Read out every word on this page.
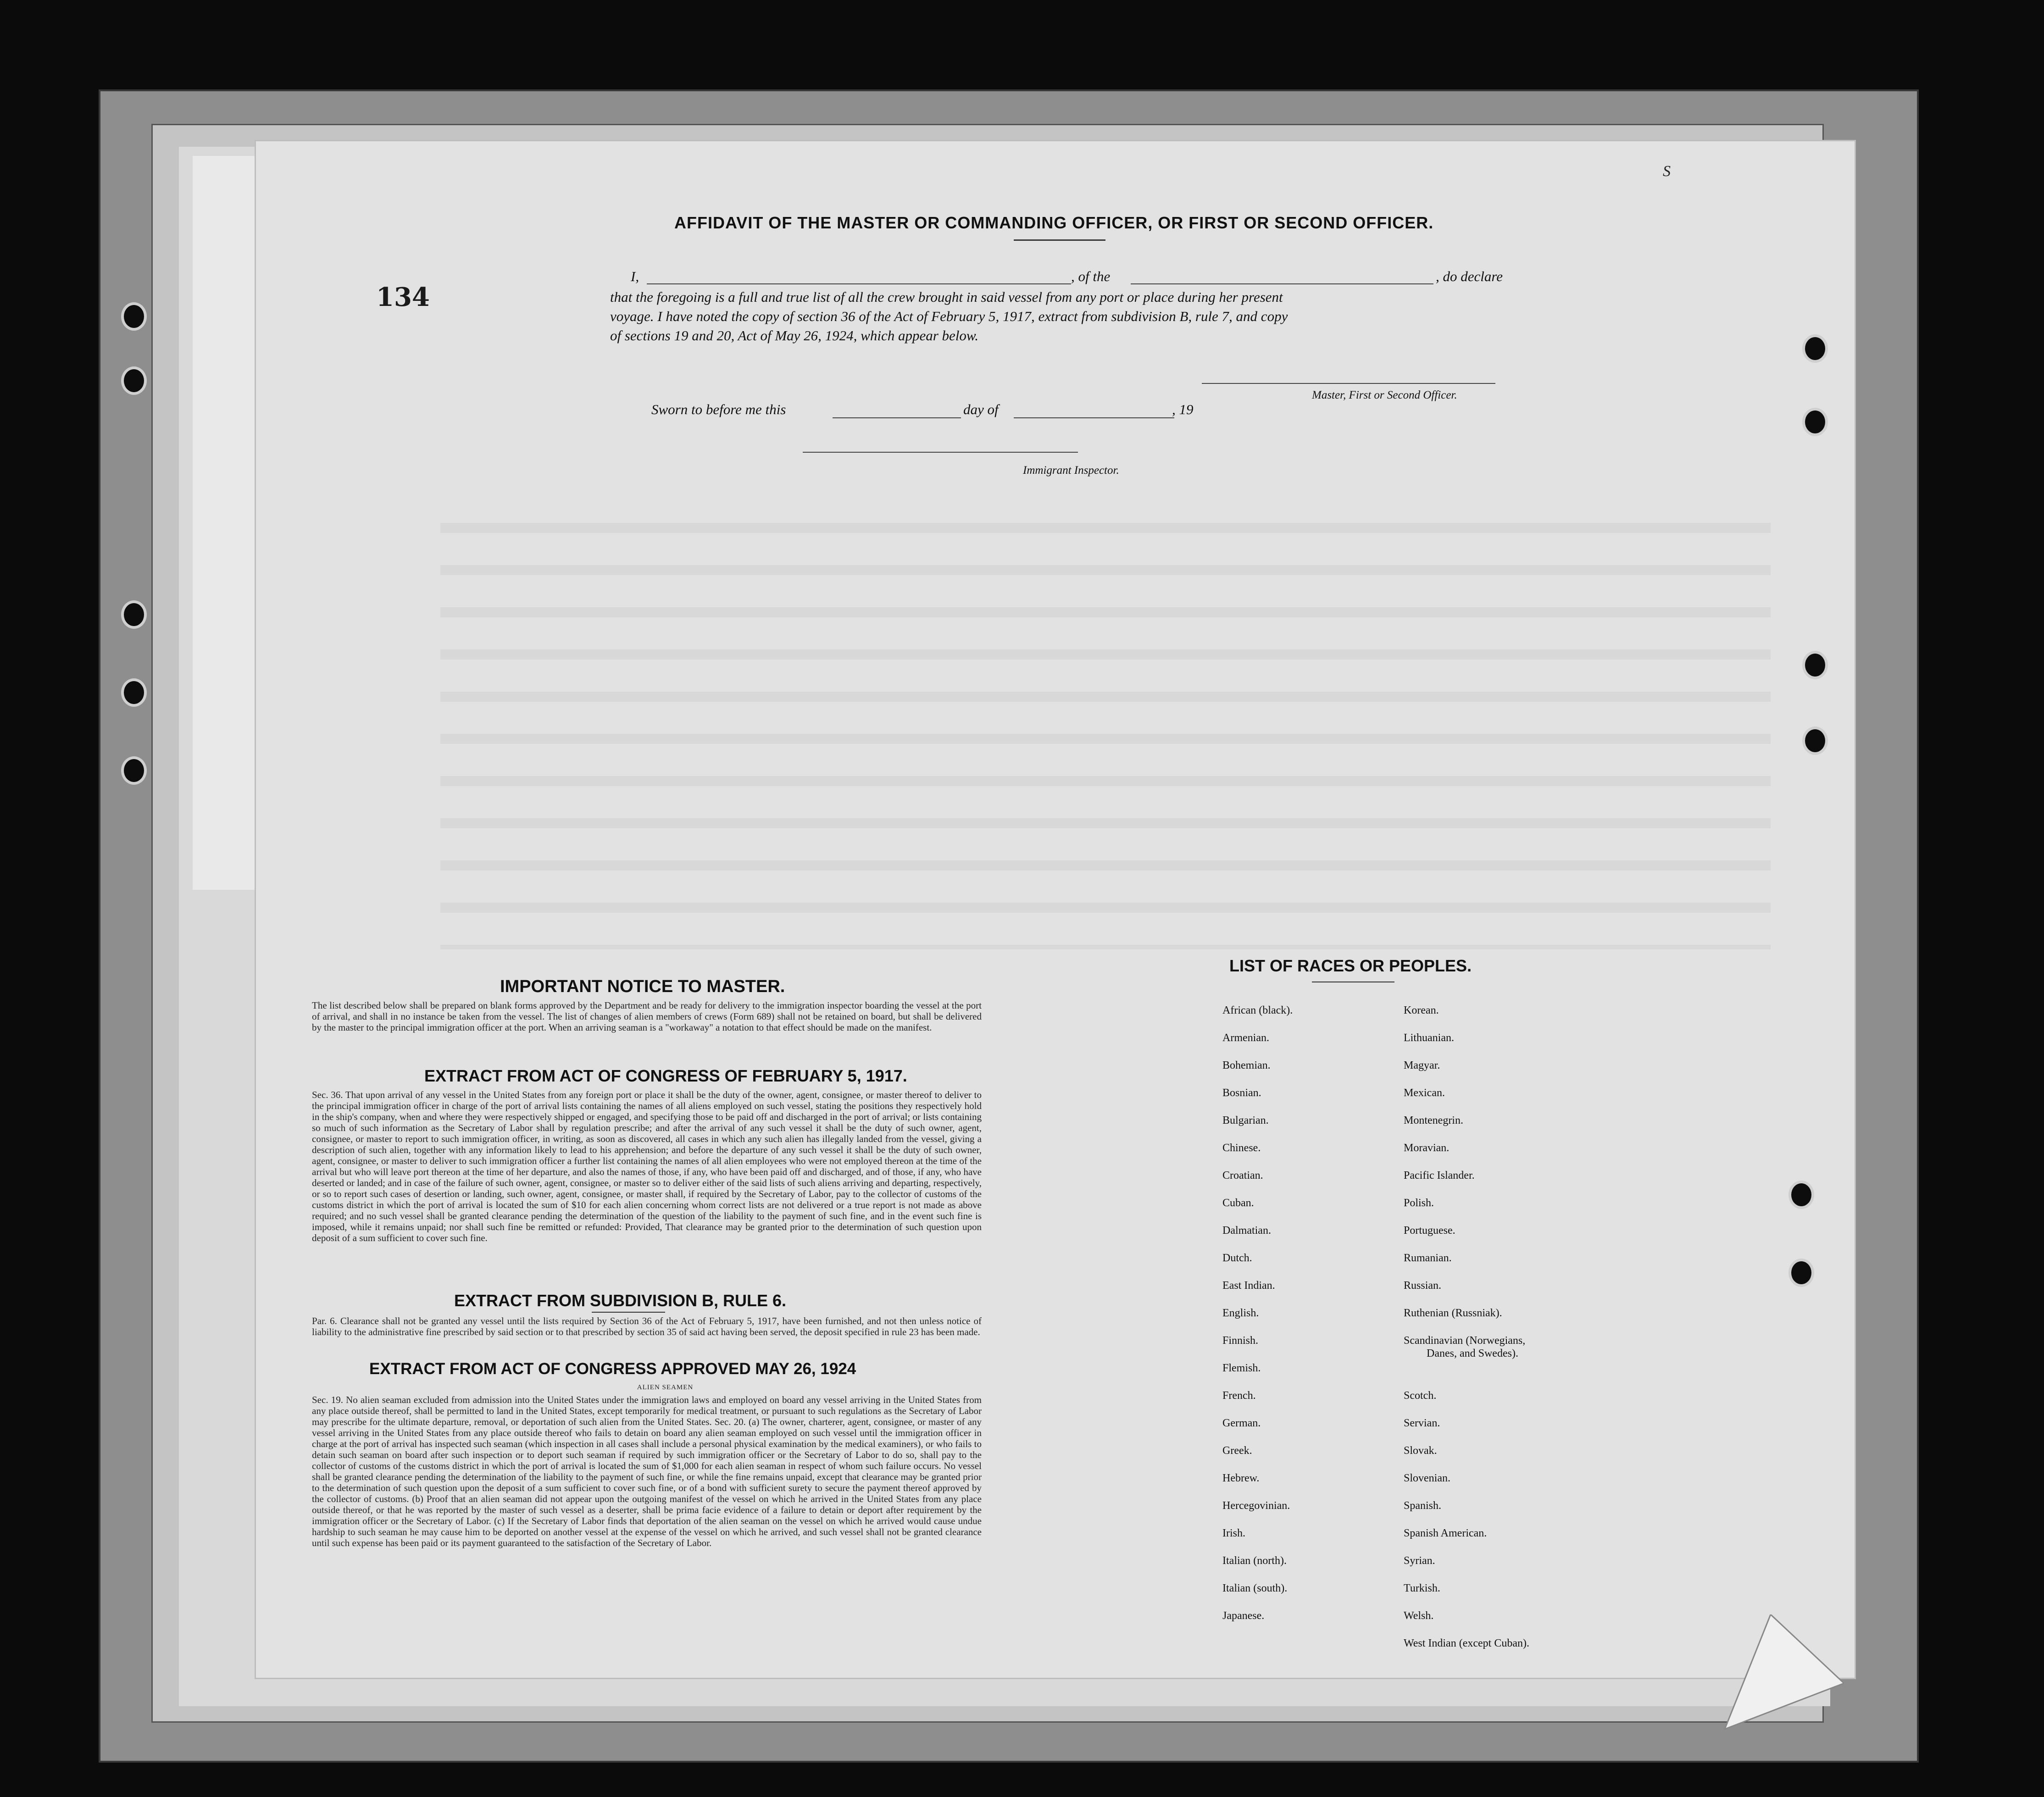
S
AFFIDAVIT OF THE MASTER OR COMMANDING OFFICER, OR FIRST OR SECOND OFFICER.
134
I,	, of the	, do declare
that the foregoing is a full and true list of all the crew brought in said vessel from any port or place during her present
voyage. I have noted the copy of section 36 of the Act of February 5, 1917, extract from subdivision B, rule 7, and copy
of sections 19 and 20, Act of May 26, 1924, which appear below.
Master, First or Second Officer.
Sworn to before me this	day of	, 19
Immigrant Inspector.
IMPORTANT NOTICE TO MASTER.
The list described below shall be prepared on blank forms approved by the Department and be ready for delivery to the immigration inspector boarding the vessel at the port of arrival, and shall in no instance be taken from the vessel. The list of changes of alien members of crews (Form 689) shall not be retained on board, but shall be delivered by the master to the principal immigration officer at the port. When an arriving seaman is a "workaway" a notation to that effect should be made on the manifest.
EXTRACT FROM ACT OF CONGRESS OF FEBRUARY 5, 1917.
Sec. 36. That upon arrival of any vessel in the United States from any foreign port or place it shall be the duty of the owner, agent, consignee, or master thereof to deliver to the principal immigration officer in charge of the port of arrival lists containing the names of all aliens employed on such vessel, stating the positions they respectively hold in the ship's company, when and where they were respectively shipped or engaged, and specifying those to be paid off and discharged in the port of arrival; or lists containing so much of such information as the Secretary of Labor shall by regulation prescribe; and after the arrival of any such vessel it shall be the duty of such owner, agent, consignee, or master to report to such immigration officer, in writing, as soon as discovered, all cases in which any such alien has illegally landed from the vessel, giving a description of such alien, together with any information likely to lead to his apprehension; and before the departure of any such vessel it shall be the duty of such owner, agent, consignee, or master to deliver to such immigration officer a further list containing the names of all alien employees who were not employed thereon at the time of the arrival but who will leave port thereon at the time of her departure, and also the names of those, if any, who have been paid off and discharged, and of those, if any, who have deserted or landed; and in case of the failure of such owner, agent, consignee, or master so to deliver either of the said lists of such aliens arriving and departing, respectively, or so to report such cases of desertion or landing, such owner, agent, consignee, or master shall, if required by the Secretary of Labor, pay to the collector of customs of the customs district in which the port of arrival is located the sum of $10 for each alien concerning whom correct lists are not delivered or a true report is not made as above required; and no such vessel shall be granted clearance pending the determination of the question of the liability to the payment of such fine, and in the event such fine is imposed, while it remains unpaid; nor shall such fine be remitted or refunded: Provided, That clearance may be granted prior to the determination of such question upon deposit of a sum sufficient to cover such fine.
EXTRACT FROM SUBDIVISION B, RULE 6.
Par. 6. Clearance shall not be granted any vessel until the lists required by Section 36 of the Act of February 5, 1917, have been furnished, and not then unless notice of liability to the administrative fine prescribed by said section or to that prescribed by section 35 of said act having been served, the deposit specified in rule 23 has been made.
EXTRACT FROM ACT OF CONGRESS APPROVED MAY 26, 1924
ALIEN SEAMEN
Sec. 19. No alien seaman excluded from admission into the United States under the immigration laws and employed on board any vessel arriving in the United States from any place outside thereof, shall be permitted to land in the United States, except temporarily for medical treatment, or pursuant to such regulations as the Secretary of Labor may prescribe for the ultimate departure, removal, or deportation of such alien from the United States. Sec. 20. (a) The owner, charterer, agent, consignee, or master of any vessel arriving in the United States from any place outside thereof who fails to detain on board any alien seaman employed on such vessel until the immigration officer in charge at the port of arrival has inspected such seaman (which inspection in all cases shall include a personal physical examination by the medical examiners), or who fails to detain such seaman on board after such inspection or to deport such seaman if required by such immigration officer or the Secretary of Labor to do so, shall pay to the collector of customs of the customs district in which the port of arrival is located the sum of $1,000 for each alien seaman in respect of whom such failure occurs. No vessel shall be granted clearance pending the determination of the liability to the payment of such fine, or while the fine remains unpaid, except that clearance may be granted prior to the determination of such question upon the deposit of a sum sufficient to cover such fine, or of a bond with sufficient surety to secure the payment thereof approved by the collector of customs. (b) Proof that an alien seaman did not appear upon the outgoing manifest of the vessel on which he arrived in the United States from any place outside thereof, or that he was reported by the master of such vessel as a deserter, shall be prima facie evidence of a failure to detain or deport after requirement by the immigration officer or the Secretary of Labor. (c) If the Secretary of Labor finds that deportation of the alien seaman on the vessel on which he arrived would cause undue hardship to such seaman he may cause him to be deported on another vessel at the expense of the vessel on which he arrived, and such vessel shall not be granted clearance until such expense has been paid or its payment guaranteed to the satisfaction of the Secretary of Labor.
LIST OF RACES OR PEOPLES.
African (black).
Armenian.
Bohemian.
Bosnian.
Bulgarian.
Chinese.
Croatian.
Cuban.
Dalmatian.
Dutch.
East Indian.
English.
Finnish.
Flemish.
French.
German.
Greek.
Hebrew.
Hercegovinian.
Irish.
Italian (north).
Italian (south).
Japanese.
Korean.
Lithuanian.
Magyar.
Mexican.
Montenegrin.
Moravian.
Pacific Islander.
Polish.
Portuguese.
Rumanian.
Russian.
Ruthenian (Russniak).
Scandinavian (Norwegians,
Danes, and Swedes).
Scotch.
Servian.
Slovak.
Slovenian.
Spanish.
Spanish American.
Syrian.
Turkish.
Welsh.
West Indian (except Cuban).
